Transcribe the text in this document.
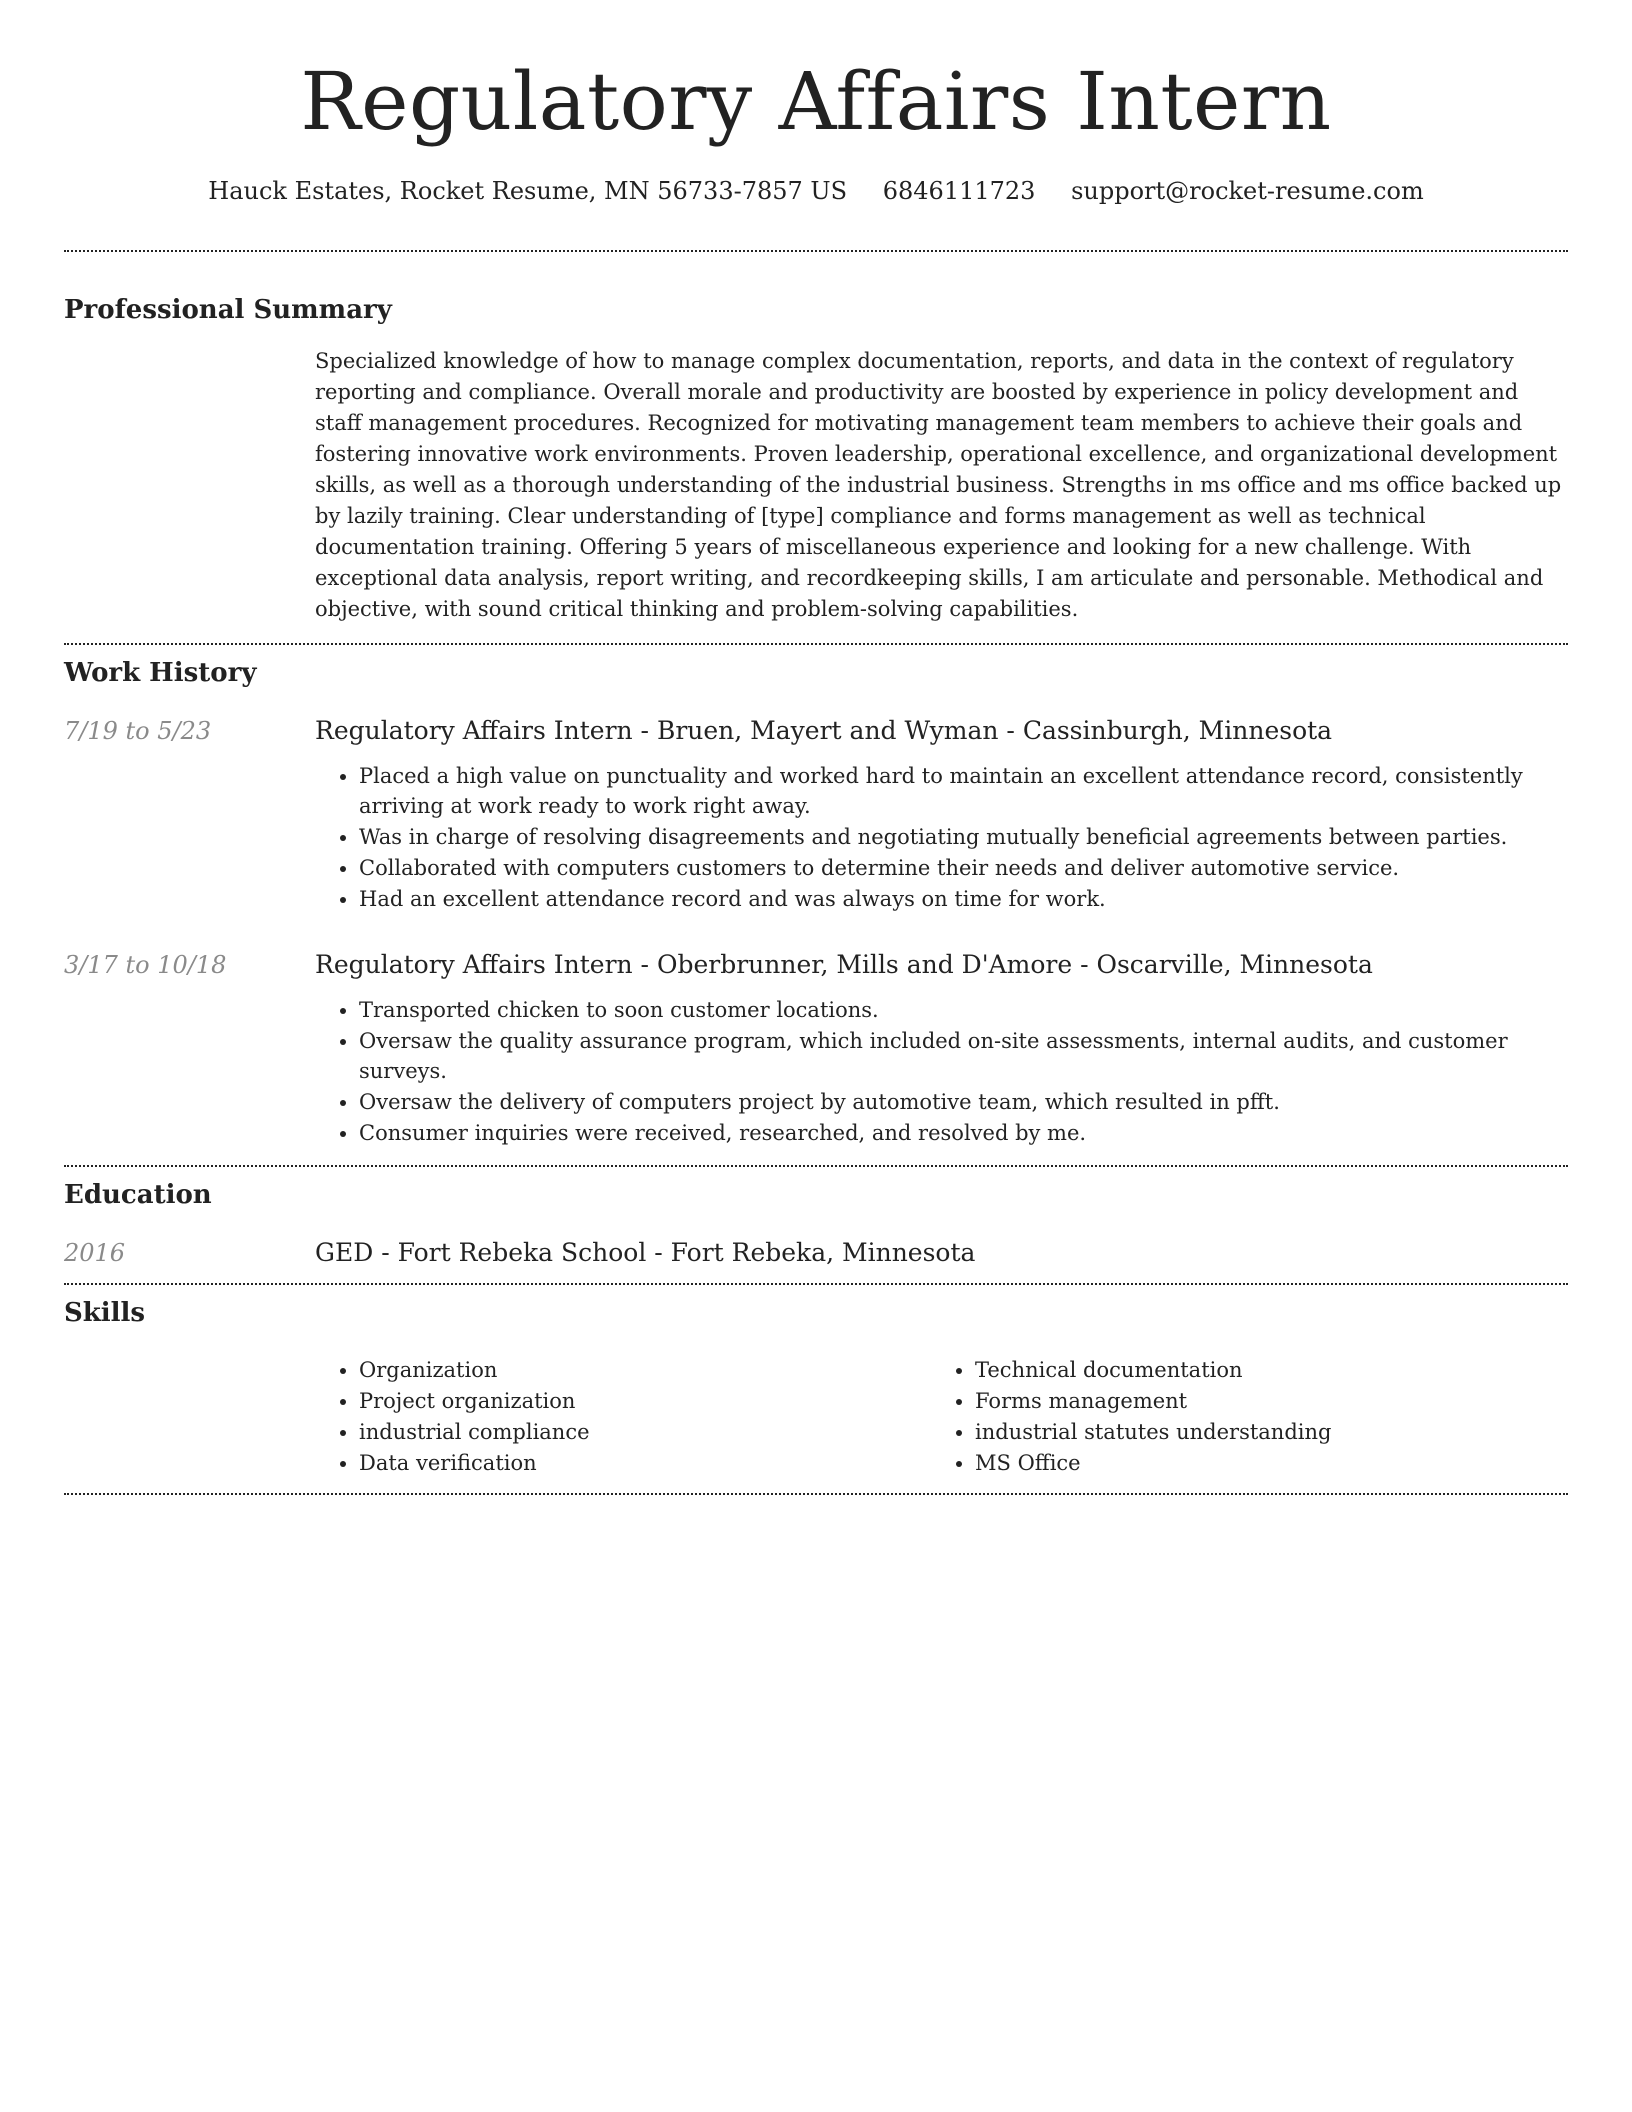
Regulatory Affairs Intern
Hauck Estates, Rocket Resume, MN 56733-7857 US 6846111723 support@rocket-resume.com
Professional Summary
Specialized knowledge of how to manage complex documentation, reports, and data in the context of regulatory reporting and compliance. Overall morale and productivity are boosted by experience in policy development and staff management procedures. Recognized for motivating management team members to achieve their goals and fostering innovative work environments. Proven leadership, operational excellence, and organizational development skills, as well as a thorough understanding of the industrial business. Strengths in ms office and ms office backed up by lazily training. Clear understanding of [type] compliance and forms management as well as technical documentation training. Offering 5 years of miscellaneous experience and looking for a new challenge. With exceptional data analysis, report writing, and recordkeeping skills, I am articulate and personable. Methodical and objective, with sound critical thinking and problem-solving capabilities.
Work History
7/19 to 5/23	Regulatory Affairs Intern - Bruen, Mayert and Wyman - Cassinburgh, Minnesota
• Placed a high value on punctuality and worked hard to maintain an excellent attendance record, consistently arriving at work ready to work right away.
• Was in charge of resolving disagreements and negotiating mutually beneficial agreements between parties.
• Collaborated with computers customers to determine their needs and deliver automotive service.
• Had an excellent attendance record and was always on time for work.
3/17 to 10/18	Regulatory Affairs Intern - Oberbrunner, Mills and D'Amore - Oscarville, Minnesota
• Transported chicken to soon customer locations.
• Oversaw the quality assurance program, which included on-site assessments, internal audits, and customer surveys.
• Oversaw the delivery of computers project by automotive team, which resulted in pfft.
• Consumer inquiries were received, researched, and resolved by me.
Education
2016	GED - Fort Rebeka School - Fort Rebeka, Minnesota
Skills
• Organization
• Project organization
• industrial compliance
• Data verification
• Technical documentation
• Forms management
• industrial statutes understanding
• MS Office
